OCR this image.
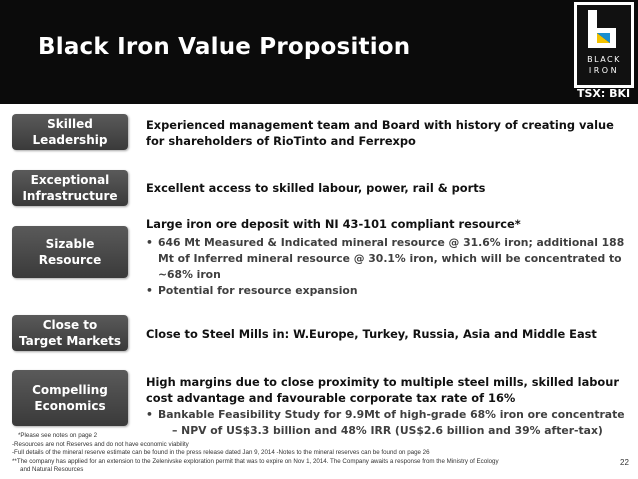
Black Iron Value Proposition	BLACK
IRON
TSX: BKI
Skilled
Leadership
Experienced management team and Board with history of creating value
for shareholders of RioTinto and Ferrexpo
Exceptional
Infrastructure
Excellent access to skilled labour, power, rail & ports
Sizable
Resource
Large iron ore deposit with NI 43-101 compliant resource*
• 646 Mt Measured & Indicated mineral resource @ 31.6% iron; additional 188
Mt of Inferred mineral resource @ 30.1% iron, which will be concentrated to
~68% iron
• Potential for resource expansion
Close to
Target Markets Close to Steel Mills in: W.Europe, Turkey, Russia, Asia and Middle East
Compelling
Economics
High margins due to close proximity to multiple steel mills, skilled labour
cost advantage and favourable corporate tax rate of 16%
• Bankable Feasibility Study for 9.9Mt of high-grade 68% iron ore concentrate
– NPV of US$3.3 billion and 48% IRR (US$2.6 billion and 39% after-tax)
*Please see notes on page 2
-Resources are not Reserves and do not have economic viability
-Full details of the mineral reserve estimate can be found in the press release dated Jan 9, 2014 -Notes to the mineral reserves can be found on page 26
**The company has applied for an extension to the Zelenivske exploration permit that was to expire on Nov 1, 2014. The Company awaits a response from the Ministry of Ecology
and Natural Resources
22
